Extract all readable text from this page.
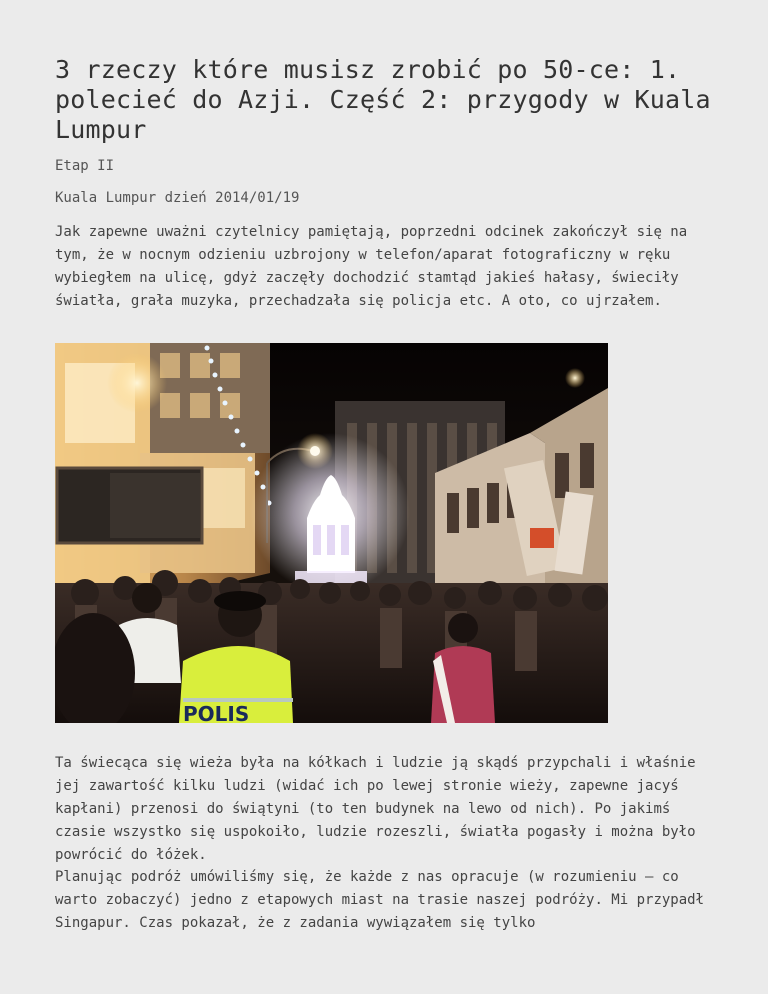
3 rzeczy które musisz zrobić po 50-ce: 1. polecieć do Azji. Część 2: przygody w Kuala Lumpur

Etap II

Kuala Lumpur dzień 2014/01/19

Jak zapewne uważni czytelnicy pamiętają, poprzedni odcinek zakończył się na tym, że w nocnym odzieniu uzbrojony w telefon/aparat fotograficzny w ręku wybiegłem na ulicę, gdyż zaczęły dochodzić stamtąd jakieś hałasy, świeciły światła, grała muzyka, przechadzała się policja etc. A oto, co ujrzałem.

POLIS

Ta świecąca się wieża była na kółkach i ludzie ją skądś przypchali i właśnie jej zawartość kilku ludzi (widać ich po lewej stronie wieży, zapewne jacyś kapłani) przenosi do świątyni (to ten budynek na lewo od nich). Po jakimś czasie wszystko się uspokoiło, ludzie rozeszli, światła pogasły i można było powrócić do łóżek.

Planując podróż umówiliśmy się, że każde z nas opracuje (w rozumieniu – co warto zobaczyć) jedno z etapowych miast na trasie naszej podróży. Mi przypadł Singapur. Czas pokazał, że z zadania wywiązałem się tylko
